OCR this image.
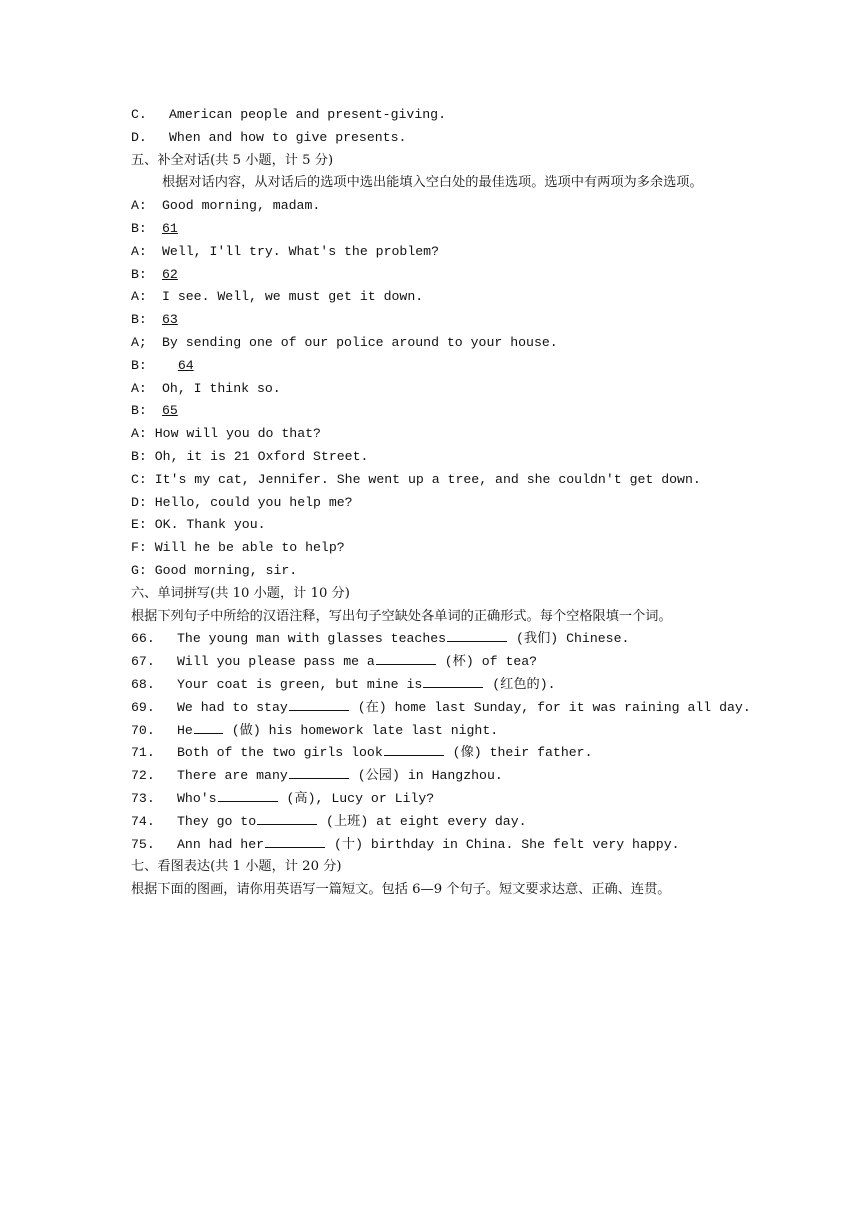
C. American people and present-giving.
D. When and how to give presents.
五、补全对话(共 5 小题，计 5 分)
根据对话内容，从对话后的选项中选出能填入空白处的最佳选项。选项中有两项为多余选项。
A: Good morning, madam.
B: 61
A: Well, I'll try. What's the problem?
B: 62
A: I see. Well, we must get it down.
B: 63
A; By sending one of our police around to your house.
B: 64
A: Oh, I think so.
B: 65
A: How will you do that?
B: Oh, it is 21 Oxford Street.
C: It's my cat, Jennifer. She went up a tree, and she couldn't get down.
D: Hello, could you help me?
E: OK. Thank you.
F: Will he be able to help?
G: Good morning, sir.
六、单词拼写(共 10 小题，计 10 分)
根据下列句子中所给的汉语注释，写出句子空缺处各单词的正确形式。每个空格限填一个词。
66. The young man with glasses teaches	(我们) Chinese.
67. Will you please pass me a	(杯) of tea?
68. Your coat is green, but mine is	(红色的).
69. We had to stay	(在) home last Sunday, for it was raining all day.
70. He (做) his homework late last night.
71. Both of the two girls look	(像) their father.
72. There are many	(公园) in Hangzhou.
73. Who's	(高), Lucy or Lily?
74. They go to	(上班) at eight every day.
75. Ann had her	(十) birthday in China. She felt very happy.
七、看图表达(共 1 小题，计 20 分)
根据下面的图画，请你用英语写一篇短文。包括 6—9 个句子。短文要求达意、正确、连贯。
